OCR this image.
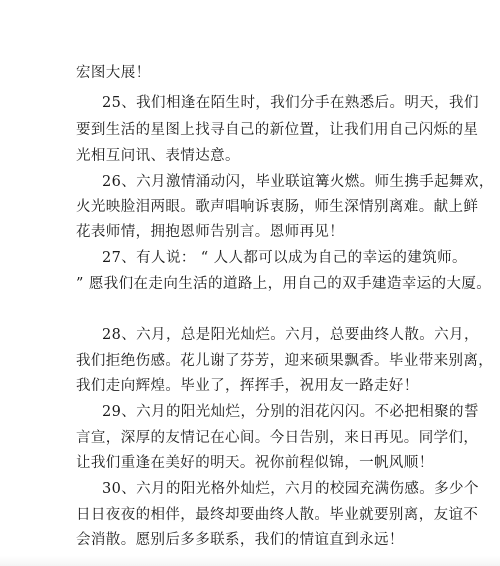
宏图大展！
25、我们相逢在陌生时，我们分手在熟悉后。明天，我们
要到生活的星图上找寻自己的新位置，让我们用自己闪烁的星
光相互问讯、表情达意。
26、六月激情涌动闪，毕业联谊篝火燃。师生携手起舞欢，
火光映脸泪两眼。歌声唱响诉衷肠，师生深情别离难。献上鲜
花表师情，拥抱恩师告别言。恩师再见！
27、有人说： “ 人人都可以成为自己的幸运的建筑师。
” 愿我们在走向生活的道路上，用自己的双手建造幸运的大厦。
28、六月，总是阳光灿烂。六月，总要曲终人散。六月，
我们拒绝伤感。花儿谢了芬芳，迎来硕果飘香。毕业带来别离，
我们走向辉煌。毕业了，挥挥手，祝用友一路走好！
29、六月的阳光灿烂，分别的泪花闪闪。不必把相聚的誓
言宣，深厚的友情记在心间。今日告别，来日再见。同学们，
让我们重逢在美好的明天。祝你前程似锦，一帆风顺！
30、六月的阳光格外灿烂，六月的校园充满伤感。多少个
日日夜夜的相伴，最终却要曲终人散。毕业就要别离，友谊不
会消散。愿别后多多联系，我们的情谊直到永远！
